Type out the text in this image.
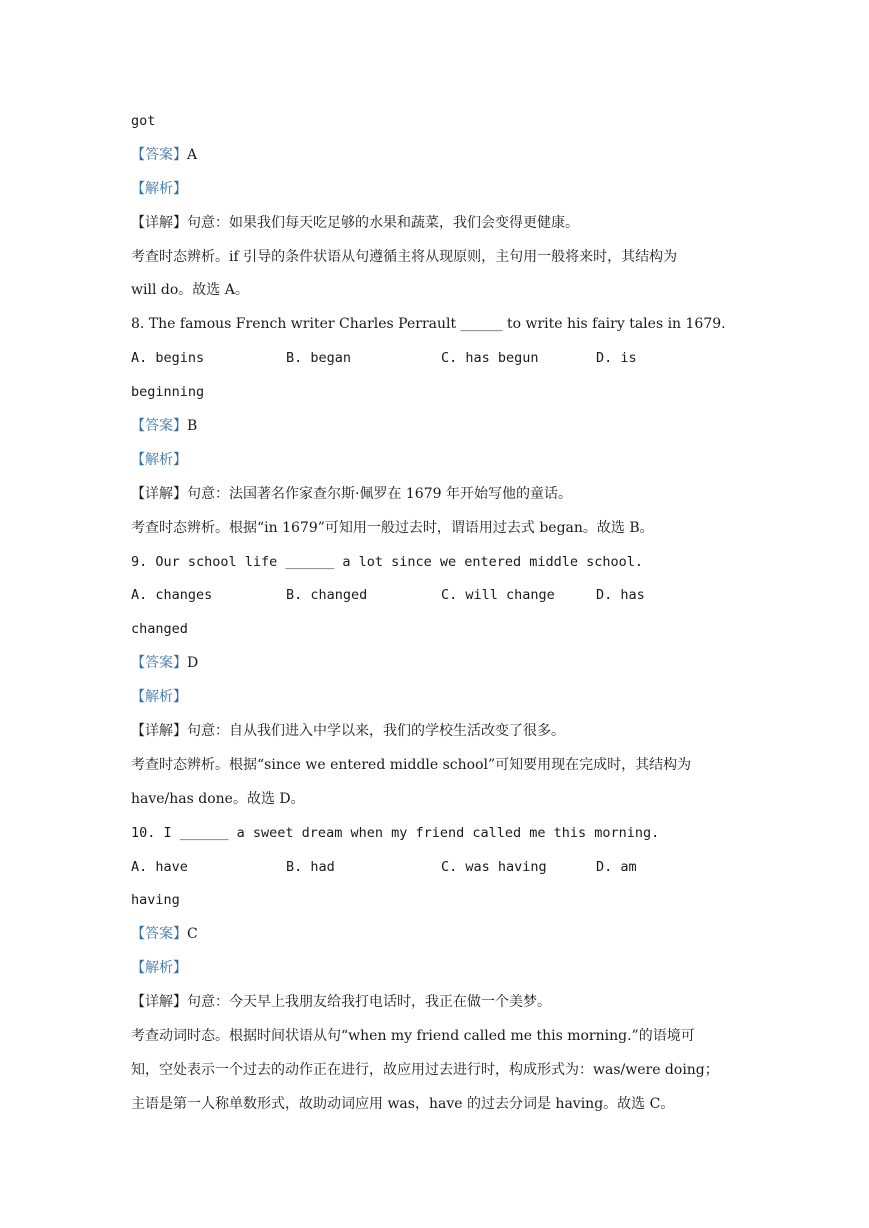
got
【答案】A
【解析】
【详解】句意：如果我们每天吃足够的水果和蔬菜，我们会变得更健康。
考查时态辨析。if 引导的条件状语从句遵循主将从现原则，主句用一般将来时，其结构为
will do。故选 A。
8. The famous French writer Charles Perrault ______ to write his fairy tales in 1679.
A. begins	B. began	C. has begun	D. is
beginning
【答案】B
【解析】
【详解】句意：法国著名作家查尔斯·佩罗在 1679 年开始写他的童话。
考查时态辨析。根据“in 1679”可知用一般过去时，谓语用过去式 began。故选 B。
9. Our school life ______ a lot since we entered middle school.
A. changes	B. changed	C. will change	D. has
changed
【答案】D
【解析】
【详解】句意：自从我们进入中学以来，我们的学校生活改变了很多。
考查时态辨析。根据“since we entered middle school”可知要用现在完成时，其结构为
have/has done。故选 D。
10. I ______ a sweet dream when my friend called me this morning.
A. have	B. had	C. was having	D. am
having
【答案】C
【解析】
【详解】句意：今天早上我朋友给我打电话时，我正在做一个美梦。
考查动词时态。根据时间状语从句“when my friend called me this morning.”的语境可
知，空处表示一个过去的动作正在进行，故应用过去进行时，构成形式为：was/were doing；
主语是第一人称单数形式，故助动词应用 was，have 的过去分词是 having。故选 C。
